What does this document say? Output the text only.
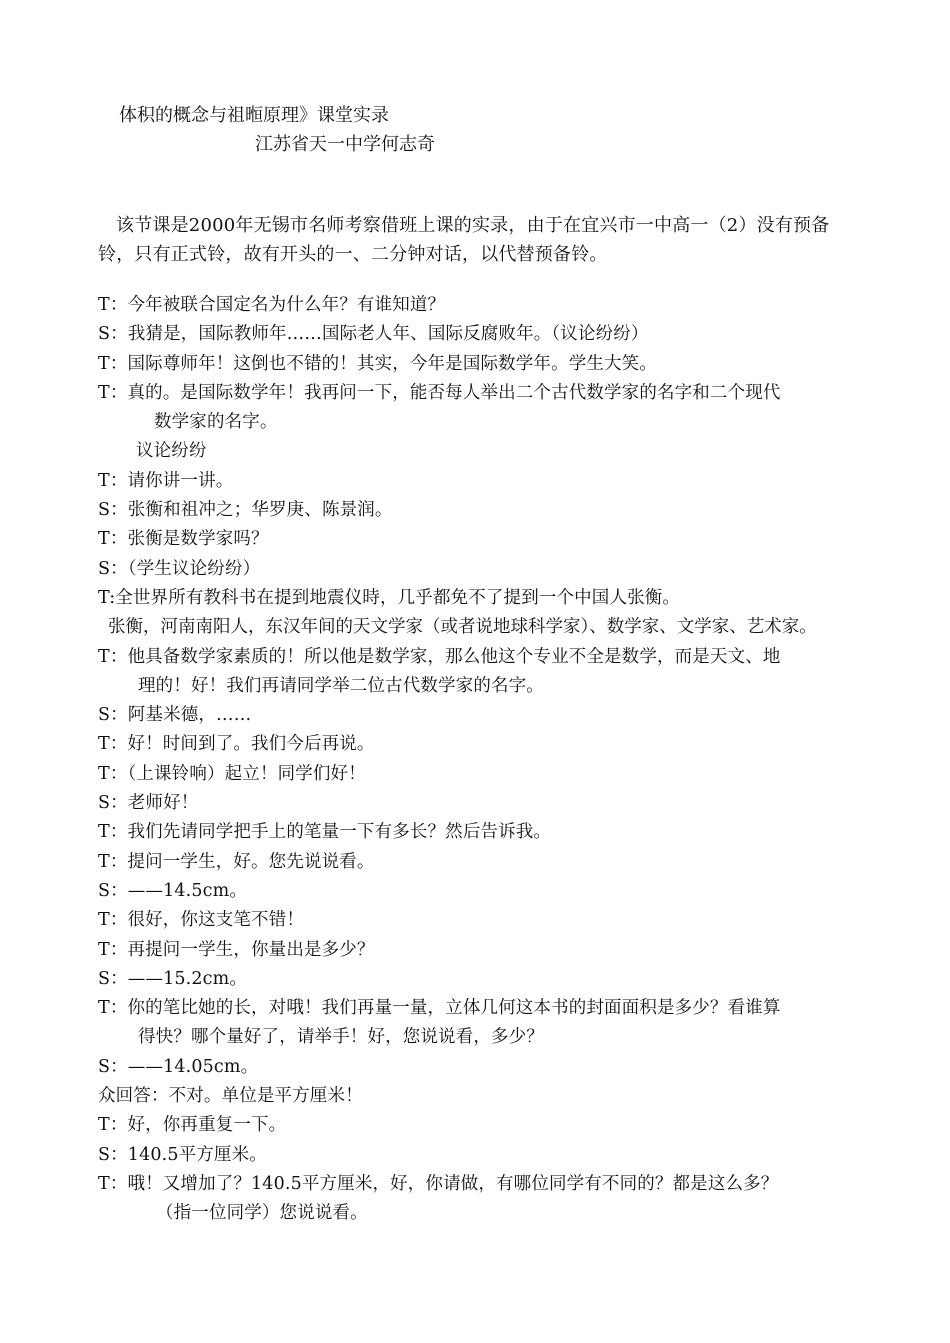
体积的概念与祖暅原理》课堂实录
江苏省天一中学何志奇
该节课是2000年无锡市名师考察借班上课的实录，由于在宜兴市一中高一（2）没有预备铃，只有正式铃，故有开头的一、二分钟对话，以代替预备铃。
T：今年被联合国定名为什么年？有谁知道？
S：我猜是，国际教师年……国际老人年、国际反腐败年。（议论纷纷）
T：国际尊师年！这倒也不错的！其实，今年是国际数学年。学生大笑。
T：真的。是国际数学年！我再问一下，能否每人举出二个古代数学家的名字和二个现代
数学家的名字。
议论纷纷
T：请你讲一讲。
S：张衡和祖冲之；华罗庚、陈景润。
T：张衡是数学家吗？
S：（学生议论纷纷）
T:全世界所有教科书在提到地震仪時，几乎都免不了提到一个中国人张衡。
张衡，河南南阳人，东汉年间的天文学家（或者说地球科学家）、数学家、文学家、艺术家。
T：他具备数学家素质的！所以他是数学家，那么他这个专业不全是数学，而是天文、地
理的！好！我们再请同学举二位古代数学家的名字。
S：阿基米德，……
T：好！时间到了。我们今后再说。
T：（上课铃响）起立！同学们好！
S：老师好！
T：我们先请同学把手上的笔量一下有多长？然后告诉我。
T：提问一学生，好。您先说说看。
S：——14.5cm。
T：很好，你这支笔不错！
T：再提问一学生，你量出是多少？
S：——15.2cm。
T：你的笔比她的长，对哦！我们再量一量，立体几何这本书的封面面积是多少？看谁算
得快？哪个量好了，请举手！好，您说说看，多少？
S：——14.05cm。
众回答：不对。单位是平方厘米！
T：好，你再重复一下。
S：140.5平方厘米。
T：哦！又增加了？140.5平方厘米，好，你请做，有哪位同学有不同的？都是这么多？
（指一位同学）您说说看。
